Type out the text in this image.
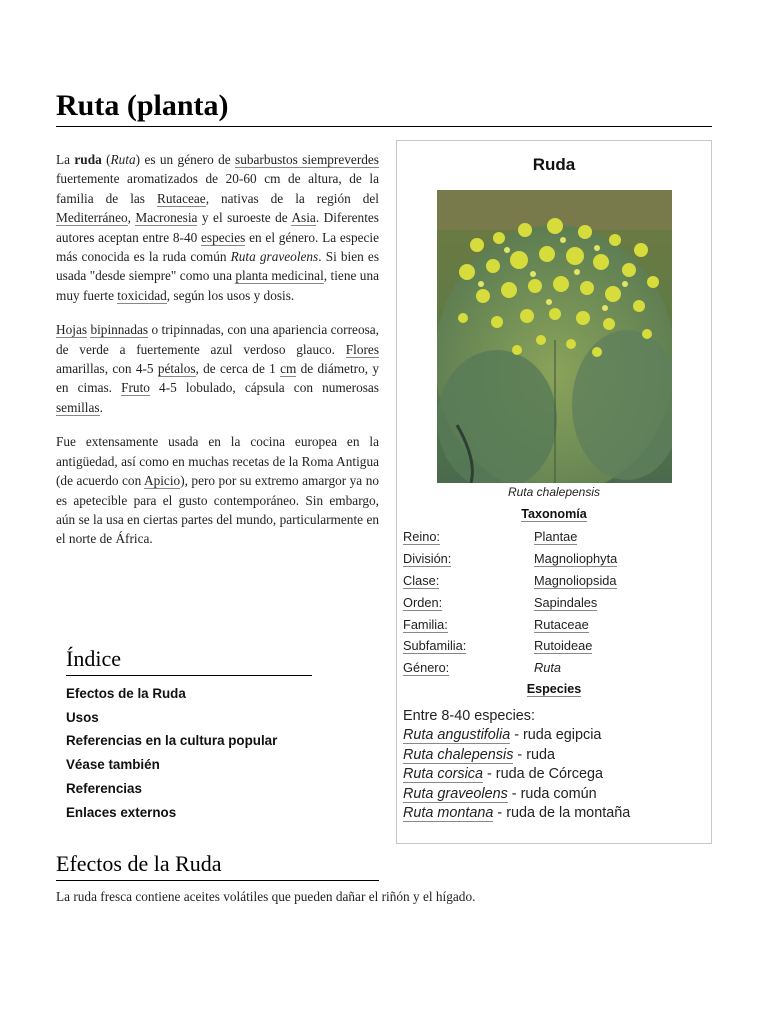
Ruta (planta)

La ruda (Ruta) es un género de subarbustos siempreverdes fuertemente aromatizados de 20-60 cm de altura, de la familia de las Rutaceae, nativas de la región del Mediterráneo, Macronesia y el suroeste de Asia. Diferentes autores aceptan entre 8-40 especies en el género. La especie más conocida es la ruda común Ruta graveolens. Si bien es usada "desde siempre" como una planta medicinal, tiene una muy fuerte toxicidad, según los usos y dosis.

Hojas bipinnadas o tripinnadas, con una apariencia correosa, de verde a fuertemente azul verdoso glauco. Flores amarillas, con 4-5 pétalos, de cerca de 1 cm de diámetro, y en cimas. Fruto 4-5 lobulado, cápsula con numerosas semillas.

Fue extensamente usada en la cocina europea en la antigüedad, así como en muchas recetas de la Roma Antigua (de acuerdo con Apicio), pero por su extremo amargor ya no es apetecible para el gusto contemporáneo. Sin embargo, aún se la usa en ciertas partes del mundo, particularmente en el norte de África.

Índice
Efectos de la Ruda
Usos
Referencias en la cultura popular
Véase también
Referencias
Enlaces externos
Ruda
Ruta chalepensis
Taxonomía
Reino:	Plantae
División:	Magnoliophyta
Clase:	Magnoliopsida
Orden:	Sapindales
Familia:	Rutaceae
Subfamilia:	Rutoideae
Género:	Ruta
Especies
Entre 8-40 especies:
Ruta angustifolia - ruda egipcia
Ruta chalepensis - ruda
Ruta corsica - ruda de Córcega
Ruta graveolens - ruda común
Ruta montana - ruda de la montaña
Efectos de la Ruda
La ruda fresca contiene aceites volátiles que pueden dañar el riñón y el hígado.
